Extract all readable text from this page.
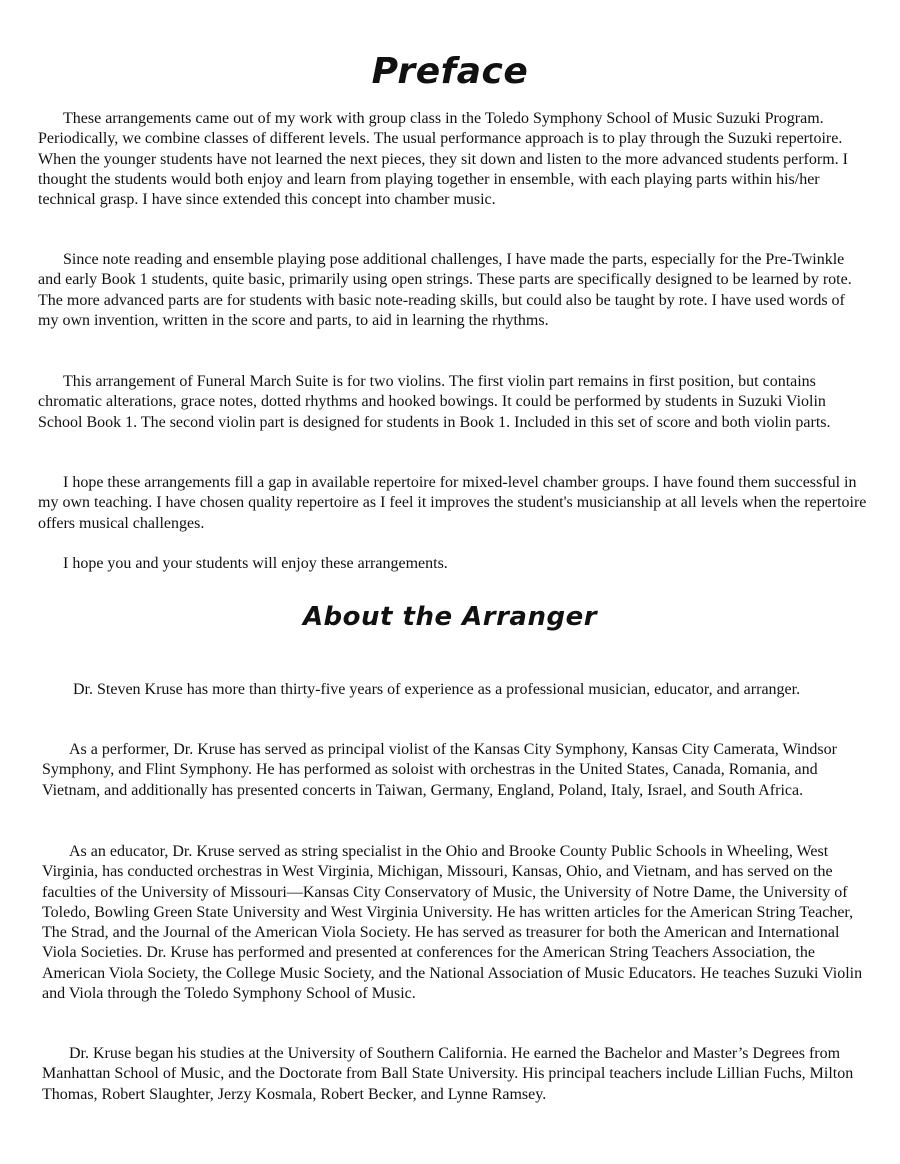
Preface

These arrangements came out of my work with group class in the Toledo Symphony School of Music Suzuki Program. Periodically, we combine classes of different levels. The usual performance approach is to play through the Suzuki repertoire. When the younger students have not learned the next pieces, they sit down and listen to the more advanced students perform. I thought the students would both enjoy and learn from playing together in ensemble, with each playing parts within his/her technical grasp. I have since extended this concept into chamber music.

Since note reading and ensemble playing pose additional challenges, I have made the parts, especially for the Pre-Twinkle and early Book 1 students, quite basic, primarily using open strings. These parts are specifically designed to be learned by rote. The more advanced parts are for students with basic note-reading skills, but could also be taught by rote. I have used words of my own invention, written in the score and parts, to aid in learning the rhythms.

This arrangement of Funeral March Suite is for two violins. The first violin part remains in first position, but contains chromatic alterations, grace notes, dotted rhythms and hooked bowings. It could be performed by students in Suzuki Violin School Book 1. The second violin part is designed for students in Book 1. Included in this set of score and both violin parts.

I hope these arrangements fill a gap in available repertoire for mixed-level chamber groups. I have found them successful in my own teaching. I have chosen quality repertoire as I feel it improves the student's musicianship at all levels when the repertoire offers musical challenges.

I hope you and your students will enjoy these arrangements.

About the Arranger

Dr. Steven Kruse has more than thirty-five years of experience as a professional musician, educator, and arranger.

As a performer, Dr. Kruse has served as principal violist of the Kansas City Symphony, Kansas City Camerata, Windsor Symphony, and Flint Symphony. He has performed as soloist with orchestras in the United States, Canada, Romania, and Vietnam, and additionally has presented concerts in Taiwan, Germany, England, Poland, Italy, Israel, and South Africa.

As an educator, Dr. Kruse served as string specialist in the Ohio and Brooke County Public Schools in Wheeling, West Virginia, has conducted orchestras in West Virginia, Michigan, Missouri, Kansas, Ohio, and Vietnam, and has served on the faculties of the University of Missouri—Kansas City Conservatory of Music, the University of Notre Dame, the University of Toledo, Bowling Green State University and West Virginia University. He has written articles for the American String Teacher, The Strad, and the Journal of the American Viola Society. He has served as treasurer for both the American and International Viola Societies. Dr. Kruse has performed and presented at conferences for the American String Teachers Association, the American Viola Society, the College Music Society, and the National Association of Music Educators. He teaches Suzuki Violin and Viola through the Toledo Symphony School of Music.

Dr. Kruse began his studies at the University of Southern California. He earned the Bachelor and Master’s Degrees from Manhattan School of Music, and the Doctorate from Ball State University. His principal teachers include Lillian Fuchs, Milton Thomas, Robert Slaughter, Jerzy Kosmala, Robert Becker, and Lynne Ramsey.
